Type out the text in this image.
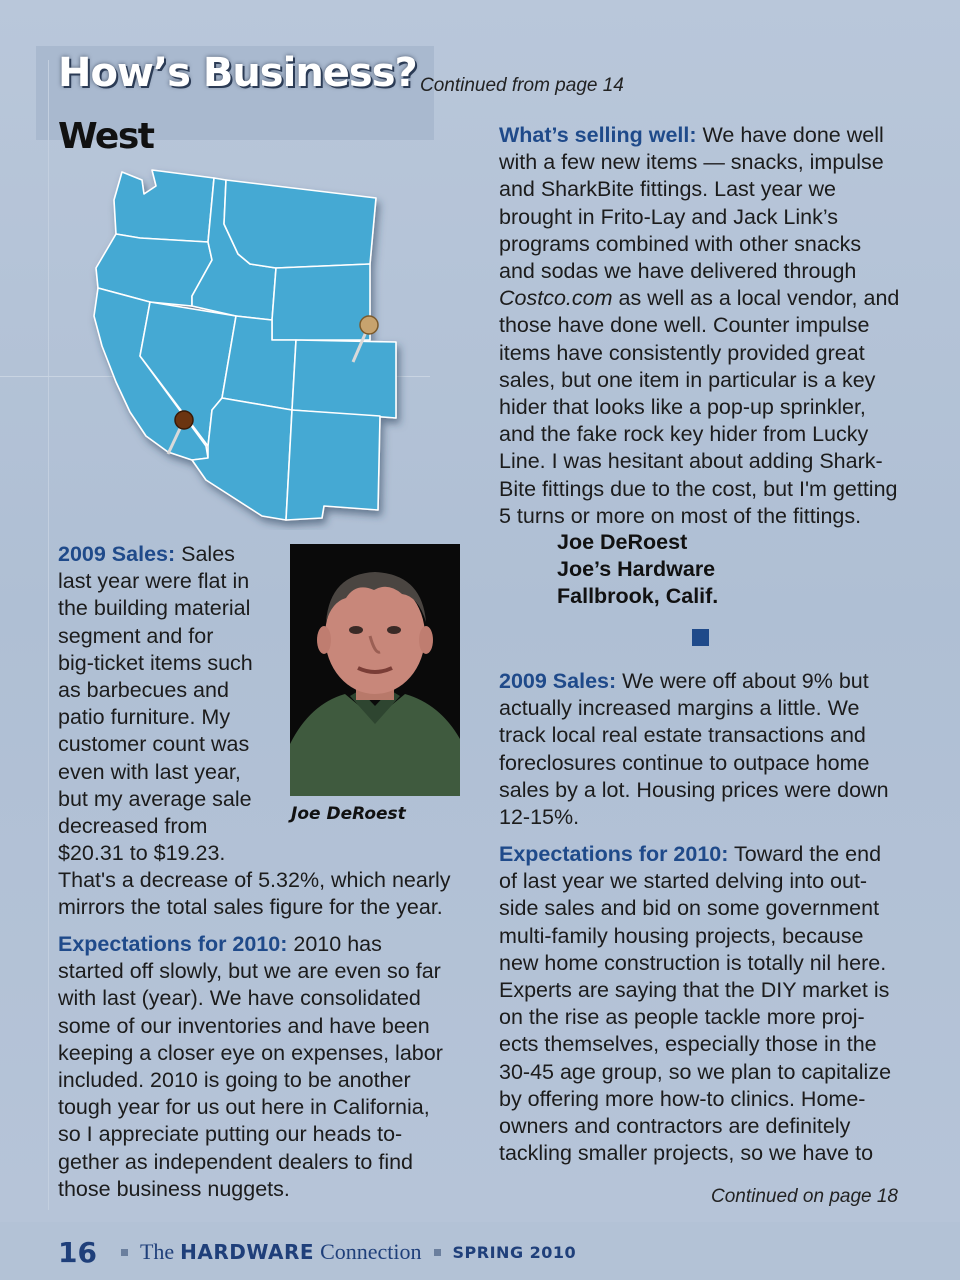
How’s Business? Continued from page 14
West

2009 Sales: Sales

last year were flat in

the building material

segment and for

big-ticket items such

as barbecues and

patio furniture. My

customer count was

even with last year,

but my average sale

decreased from

$20.31 to $19.23.

That's a decrease of 5.32%, which nearly

mirrors the total sales figure for the year.

Expectations for 2010: 2010 has

started off slowly, but we are even so far

with last (year). We have consolidated

some of our inventories and have been

keeping a closer eye on expenses, labor

included. 2010 is going to be another

tough year for us out here in California,

so I appreciate putting our heads to-

gether as independent dealers to find

those business nuggets.

Joe DeRoest

What’s selling well: We have done well

with a few new items — snacks, impulse

and SharkBite fittings. Last year we

brought in Frito-Lay and Jack Link’s

programs combined with other snacks

and sodas we have delivered through

Costco.com as well as a local vendor, and

those have done well. Counter impulse

items have consistently provided great

sales, but one item in particular is a key

hider that looks like a pop-up sprinkler,

and the fake rock key hider from Lucky

Line. I was hesitant about adding Shark-

Bite fittings due to the cost, but I'm getting

5 turns or more on most of the fittings.

Joe DeRoest
Joe’s Hardware
Fallbrook, Calif.

2009 Sales: We were off about 9% but

actually increased margins a little. We

track local real estate transactions and

foreclosures continue to outpace home

sales by a lot. Housing prices were down

12-15%.

Expectations for 2010: Toward the end

of last year we started delving into out-

side sales and bid on some government

multi-family housing projects, because

new home construction is totally nil here.

Experts are saying that the DIY market is

on the rise as people tackle more proj-

ects themselves, especially those in the

30-45 age group, so we plan to capitalize

by offering more how-to clinics. Home-

owners and contractors are definitely

tackling smaller projects, so we have to

Continued on page 18
16 The HARDWARE Connection SPRING 2010
